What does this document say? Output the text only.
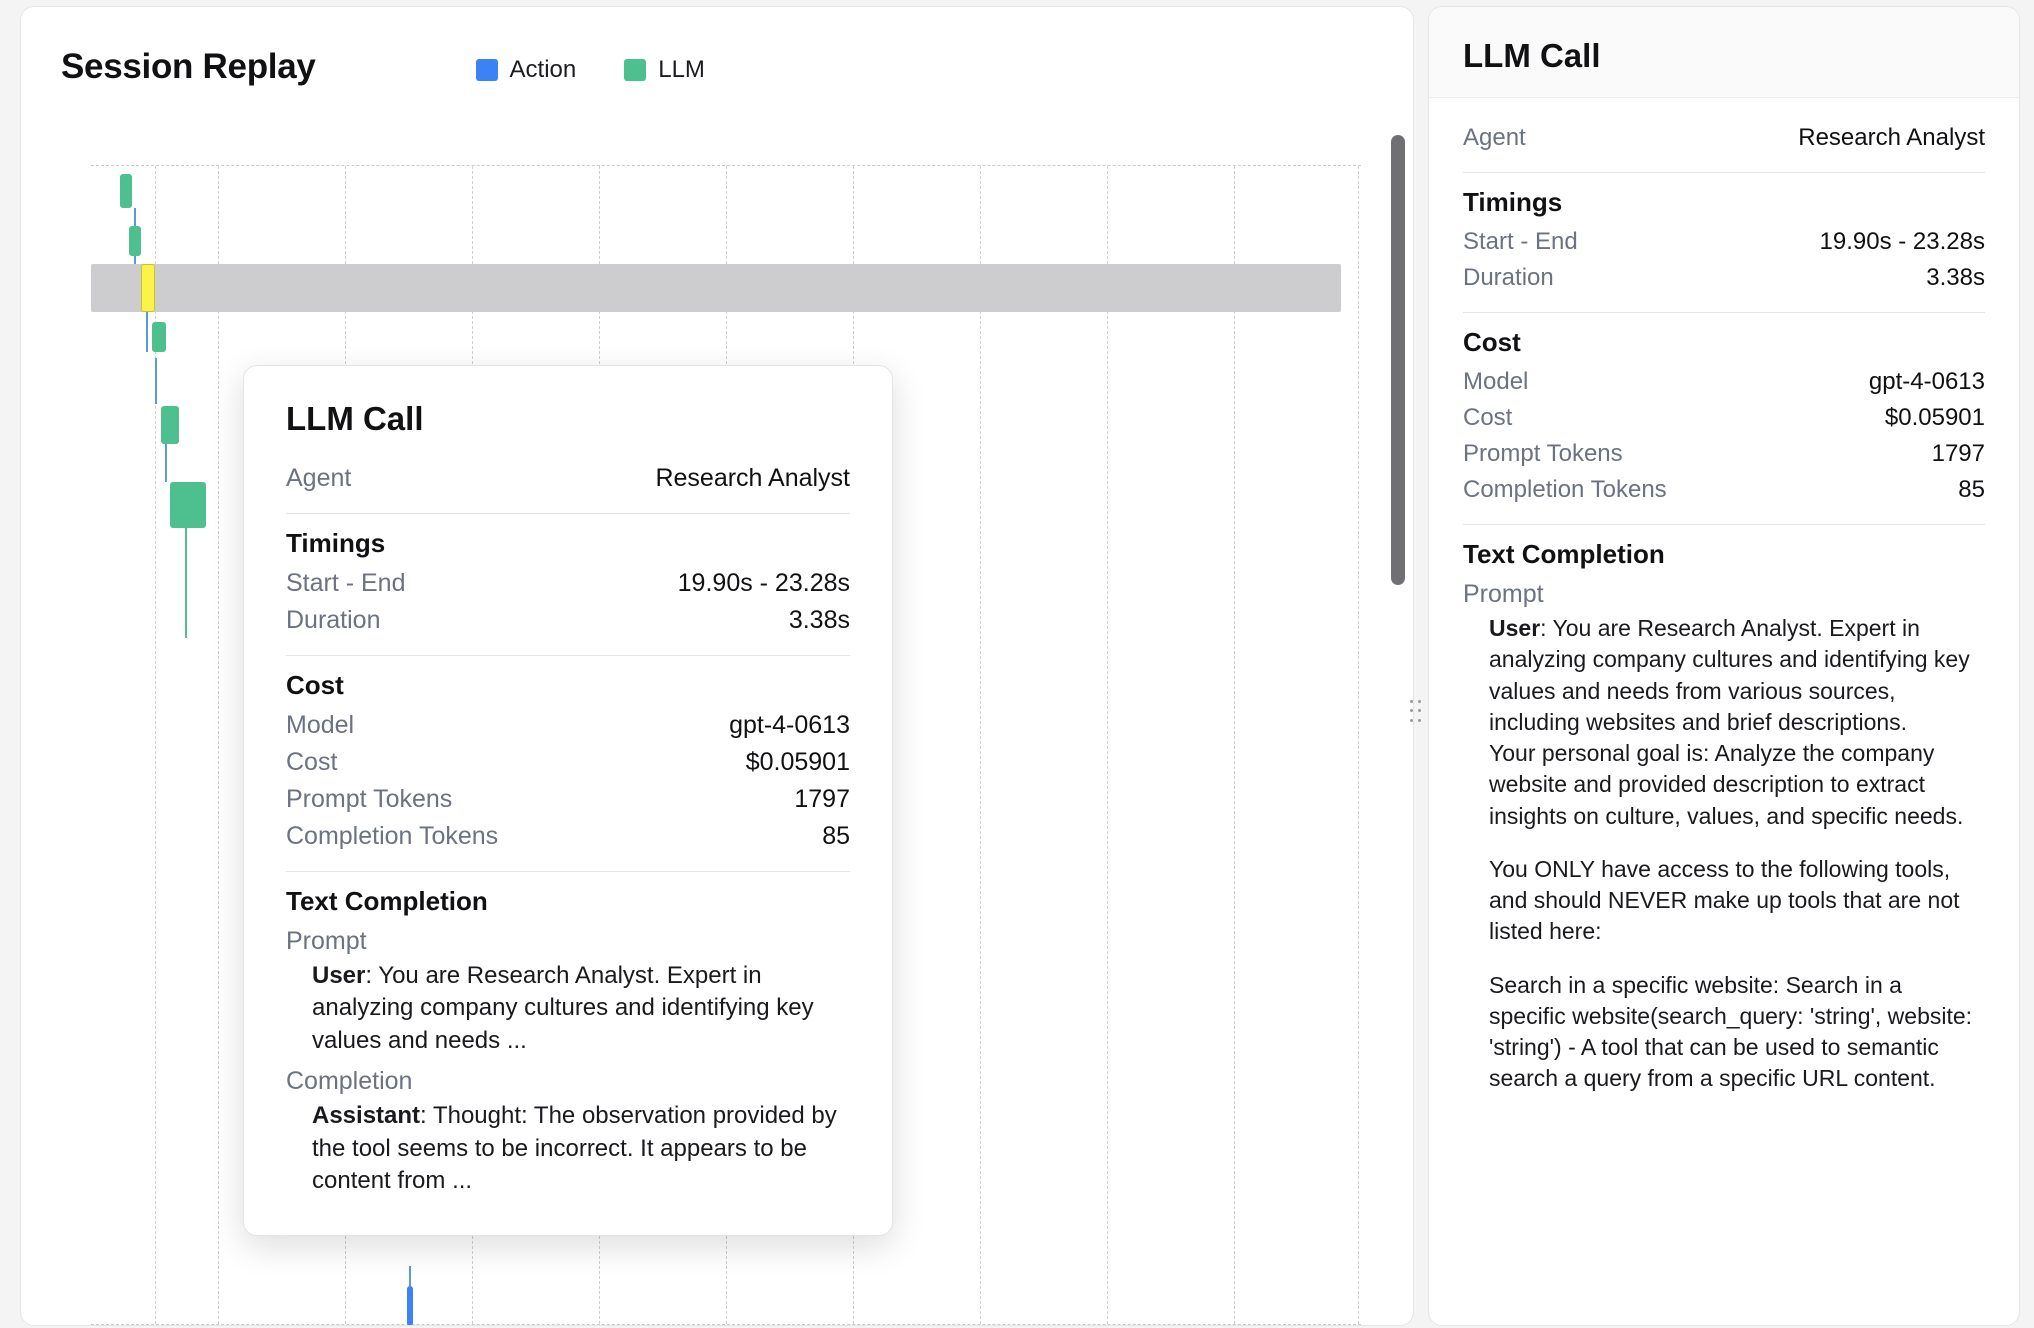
Session Replay	Action	LLM
LLM Call
Agent	Research Analyst
Timings
Start - End	19.90s - 23.28s
Duration	3.38s
Cost
Model	gpt-4-0613
Cost	$0.05901
Prompt Tokens	1797
Completion Tokens	85
Text Completion
Prompt
User: You are Research Analyst. Expert in analyzing company cultures and identifying key values and needs ...
Completion
Assistant: Thought: The observation provided by the tool seems to be incorrect. It appears to be content from ...
LLM Call
Agent	Research Analyst
Timings
Start - End	19.90s - 23.28s
Duration	3.38s
Cost
Model	gpt-4-0613
Cost	$0.05901
Prompt Tokens	1797
Completion Tokens	85
Text Completion
Prompt
User: You are Research Analyst. Expert in analyzing company cultures and identifying key values and needs from various sources, including websites and brief descriptions.
Your personal goal is: Analyze the company website and provided description to extract insights on culture, values, and specific needs.
You ONLY have access to the following tools, and should NEVER make up tools that are not listed here:
Search in a specific website: Search in a specific website(search_query: 'string', website: 'string') - A tool that can be used to semantic search a query from a specific URL content.
